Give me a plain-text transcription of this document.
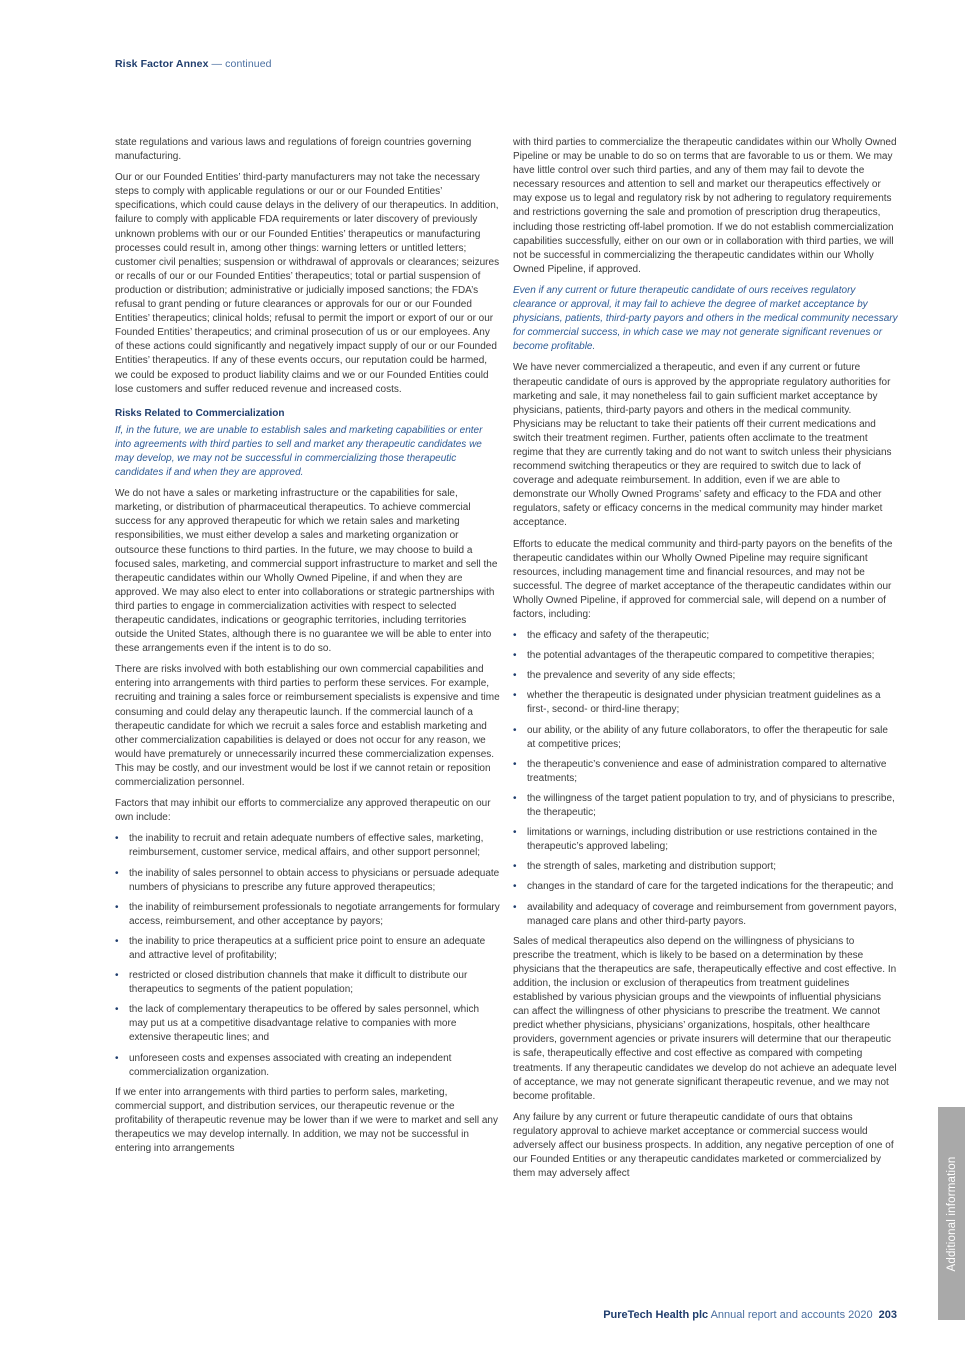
Risk Factor Annex — continued

state regulations and various laws and regulations of foreign countries governing manufacturing.

Our or our Founded Entities’ third-party manufacturers may not take the necessary steps to comply with applicable regulations or our or our Founded Entities’ specifications, which could cause delays in the delivery of our therapeutics. In addition, failure to comply with applicable FDA requirements or later discovery of previously unknown problems with our or our Founded Entities’ therapeutics or manufacturing processes could result in, among other things: warning letters or untitled letters; customer civil penalties; suspension or withdrawal of approvals or clearances; seizures or recalls of our or our Founded Entities’ therapeutics; total or partial suspension of production or distribution; administrative or judicially imposed sanctions; the FDA’s refusal to grant pending or future clearances or approvals for our or our Founded Entities’ therapeutics; clinical holds; refusal to permit the import or export of our or our Founded Entities’ therapeutics; and criminal prosecution of us or our employees. Any of these actions could significantly and negatively impact supply of our or our Founded Entities’ therapeutics. If any of these events occurs, our reputation could be harmed, we could be exposed to product liability claims and we or our Founded Entities could lose customers and suffer reduced revenue and increased costs.

Risks Related to Commercialization

If, in the future, we are unable to establish sales and marketing capabilities or enter into agreements with third parties to sell and market any therapeutic candidates we may develop, we may not be successful in commercializing those therapeutic candidates if and when they are approved.

We do not have a sales or marketing infrastructure or the capabilities for sale, marketing, or distribution of pharmaceutical therapeutics. To achieve commercial success for any approved therapeutic for which we retain sales and marketing responsibilities, we must either develop a sales and marketing organization or outsource these functions to third parties. In the future, we may choose to build a focused sales, marketing, and commercial support infrastructure to market and sell the therapeutic candidates within our Wholly Owned Pipeline, if and when they are approved. We may also elect to enter into collaborations or strategic partnerships with third parties to engage in commercialization activities with respect to selected therapeutic candidates, indications or geographic territories, including territories outside the United States, although there is no guarantee we will be able to enter into these arrangements even if the intent is to do so.

There are risks involved with both establishing our own commercial capabilities and entering into arrangements with third parties to perform these services. For example, recruiting and training a sales force or reimbursement specialists is expensive and time consuming and could delay any therapeutic launch. If the commercial launch of a therapeutic candidate for which we recruit a sales force and establish marketing and other commercialization capabilities is delayed or does not occur for any reason, we would have prematurely or unnecessarily incurred these commercialization expenses. This may be costly, and our investment would be lost if we cannot retain or reposition commercialization personnel.

Factors that may inhibit our efforts to commercialize any approved therapeutic on our own include:

• the inability to recruit and retain adequate numbers of effective sales, marketing, reimbursement, customer service, medical affairs, and other support personnel;
• the inability of sales personnel to obtain access to physicians or persuade adequate numbers of physicians to prescribe any future approved therapeutics;
• the inability of reimbursement professionals to negotiate arrangements for formulary access, reimbursement, and other acceptance by payors;
• the inability to price therapeutics at a sufficient price point to ensure an adequate and attractive level of profitability;
• restricted or closed distribution channels that make it difficult to distribute our therapeutics to segments of the patient population;
• the lack of complementary therapeutics to be offered by sales personnel, which may put us at a competitive disadvantage relative to companies with more extensive therapeutic lines; and
• unforeseen costs and expenses associated with creating an independent commercialization organization.

If we enter into arrangements with third parties to perform sales, marketing, commercial support, and distribution services, our therapeutic revenue or the profitability of therapeutic revenue may be lower than if we were to market and sell any therapeutics we may develop internally. In addition, we may not be successful in entering into arrangements

with third parties to commercialize the therapeutic candidates within our Wholly Owned Pipeline or may be unable to do so on terms that are favorable to us or them. We may have little control over such third parties, and any of them may fail to devote the necessary resources and attention to sell and market our therapeutics effectively or may expose us to legal and regulatory risk by not adhering to regulatory requirements and restrictions governing the sale and promotion of prescription drug therapeutics, including those restricting off-label promotion. If we do not establish commercialization capabilities successfully, either on our own or in collaboration with third parties, we will not be successful in commercializing the therapeutic candidates within our Wholly Owned Pipeline, if approved.

Even if any current or future therapeutic candidate of ours receives regulatory clearance or approval, it may fail to achieve the degree of market acceptance by physicians, patients, third-party payors and others in the medical community necessary for commercial success, in which case we may not generate significant revenues or become profitable.

We have never commercialized a therapeutic, and even if any current or future therapeutic candidate of ours is approved by the appropriate regulatory authorities for marketing and sale, it may nonetheless fail to gain sufficient market acceptance by physicians, patients, third-party payors and others in the medical community. Physicians may be reluctant to take their patients off their current medications and switch their treatment regimen. Further, patients often acclimate to the treatment regime that they are currently taking and do not want to switch unless their physicians recommend switching therapeutics or they are required to switch due to lack of coverage and adequate reimbursement. In addition, even if we are able to demonstrate our Wholly Owned Programs’ safety and efficacy to the FDA and other regulators, safety or efficacy concerns in the medical community may hinder market acceptance.

Efforts to educate the medical community and third-party payors on the benefits of the therapeutic candidates within our Wholly Owned Pipeline may require significant resources, including management time and financial resources, and may not be successful. The degree of market acceptance of the therapeutic candidates within our Wholly Owned Pipeline, if approved for commercial sale, will depend on a number of factors, including:

• the efficacy and safety of the therapeutic;
• the potential advantages of the therapeutic compared to competitive therapies;
• the prevalence and severity of any side effects;
• whether the therapeutic is designated under physician treatment guidelines as a first-, second- or third-line therapy;
• our ability, or the ability of any future collaborators, to offer the therapeutic for sale at competitive prices;
• the therapeutic’s convenience and ease of administration compared to alternative treatments;
• the willingness of the target patient population to try, and of physicians to prescribe, the therapeutic;
• limitations or warnings, including distribution or use restrictions contained in the therapeutic’s approved labeling;
• the strength of sales, marketing and distribution support;
• changes in the standard of care for the targeted indications for the therapeutic; and
• availability and adequacy of coverage and reimbursement from government payors, managed care plans and other third-party payors.

Sales of medical therapeutics also depend on the willingness of physicians to prescribe the treatment, which is likely to be based on a determination by these physicians that the therapeutics are safe, therapeutically effective and cost effective. In addition, the inclusion or exclusion of therapeutics from treatment guidelines established by various physician groups and the viewpoints of influential physicians can affect the willingness of other physicians to prescribe the treatment. We cannot predict whether physicians, physicians’ organizations, hospitals, other healthcare providers, government agencies or private insurers will determine that our therapeutic is safe, therapeutically effective and cost effective as compared with competing treatments. If any therapeutic candidates we develop do not achieve an adequate level of acceptance, we may not generate significant therapeutic revenue, and we may not become profitable.

Any failure by any current or future therapeutic candidate of ours that obtains regulatory approval to achieve market acceptance or commercial success would adversely affect our business prospects. In addition, any negative perception of one of our Founded Entities or any therapeutic candidates marketed or commercialized by them may adversely affect	Additional information
PureTech Health plc Annual report and accounts 2020 203
